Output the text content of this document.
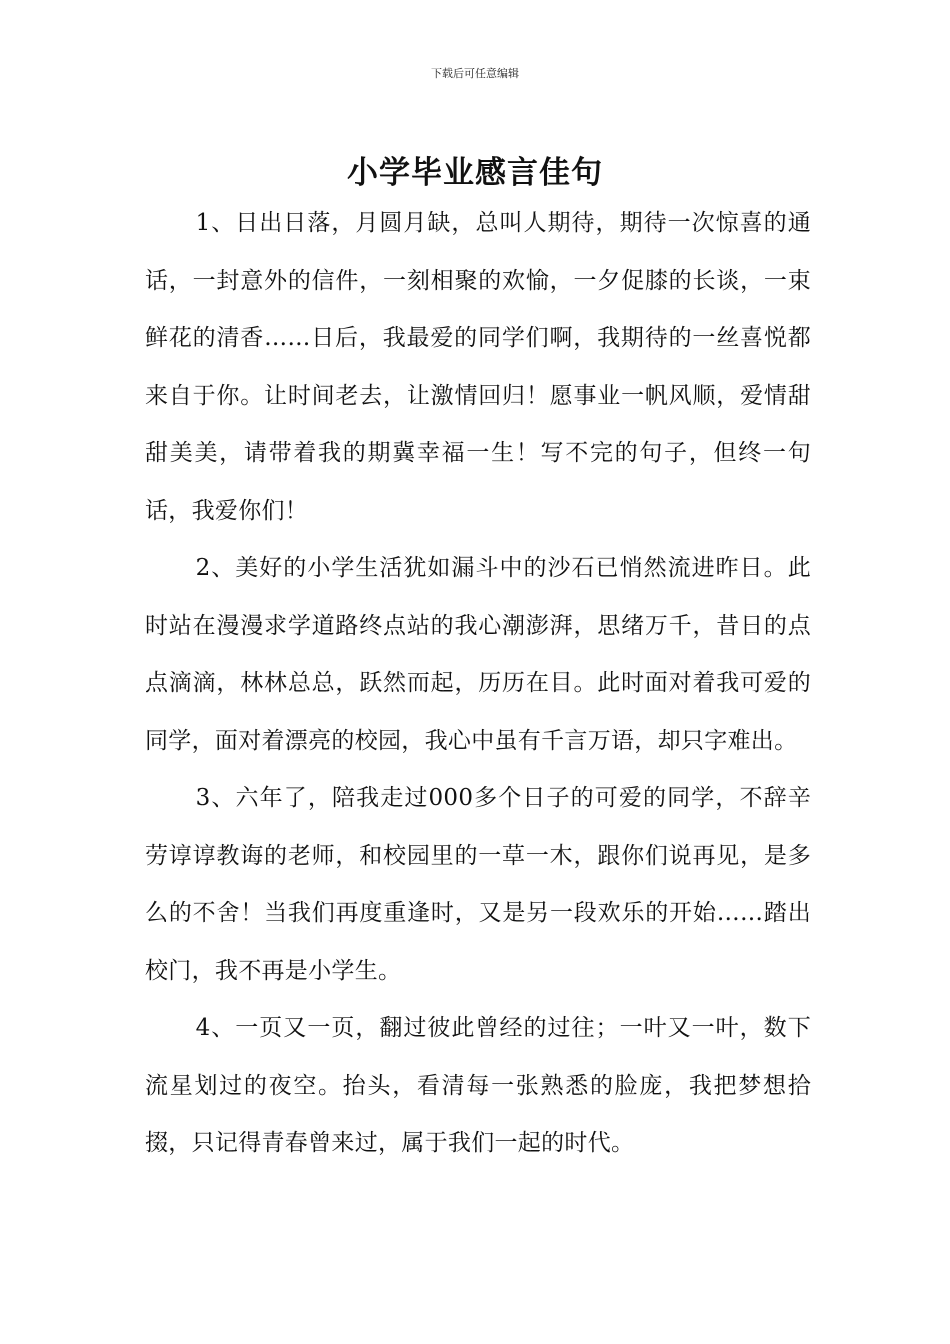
下载后可任意编辑
小学毕业感言佳句

1、日出日落，月圆月缺，总叫人期待，期待一次惊喜的通话，一封意外的信件，一刻相聚的欢愉，一夕促膝的长谈，一束鲜花的清香……日后，我最爱的同学们啊，我期待的一丝喜悦都来自于你。让时间老去，让激情回归！愿事业一帆风顺，爱情甜甜美美，请带着我的期冀幸福一生！写不完的句子，但终一句话，我爱你们！

2、美好的小学生活犹如漏斗中的沙石已悄然流进昨日。此时站在漫漫求学道路终点站的我心潮澎湃，思绪万千，昔日的点点滴滴，林林总总，跃然而起，历历在目。此时面对着我可爱的同学，面对着漂亮的校园，我心中虽有千言万语，却只字难出。

3、六年了，陪我走过000多个日子的可爱的同学，不辞辛劳谆谆教诲的老师，和校园里的一草一木，跟你们说再见，是多么的不舍！当我们再度重逢时，又是另一段欢乐的开始……踏出校门，我不再是小学生。

4、一页又一页，翻过彼此曾经的过往；一叶又一叶，数下流星划过的夜空。抬头，看清每一张熟悉的脸庞，我把梦想拾掇，只记得青春曾来过，属于我们一起的时代。
